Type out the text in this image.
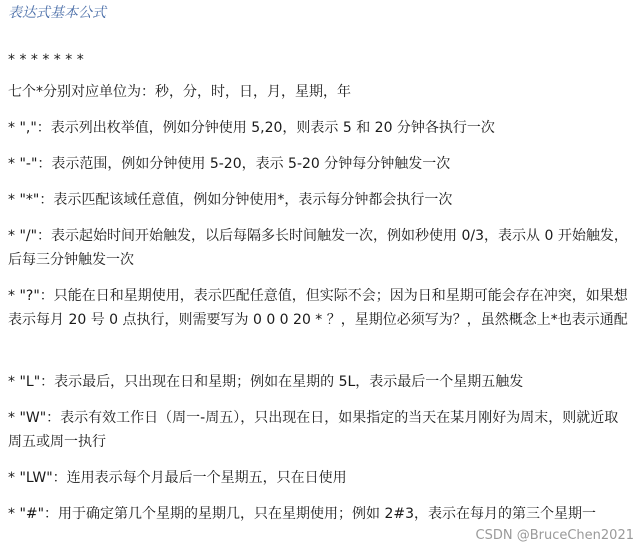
表达式基本公式

* * * * * * *

七个*分别对应单位为：秒，分，时，日，月，星期，年

* ","：表示列出枚举值，例如分钟使用 5,20，则表示 5 和 20 分钟各执行一次

* "-"：表示范围，例如分钟使用 5-20，表示 5-20 分钟每分钟触发一次

* "*"：表示匹配该域任意值，例如分钟使用*，表示每分钟都会执行一次

* "/"：表示起始时间开始触发，以后每隔多长时间触发一次，例如秒使用 0/3，表示从 0 开始触发，后每三分钟触发一次

* "?"：只能在日和星期使用，表示匹配任意值，但实际不会；因为日和星期可能会存在冲突，如果想表示每月 20 号 0 点执行，则需要写为 0 0 0 20 * ？，星期位必须写为？，虽然概念上*也表示通配

* "L"：表示最后，只出现在日和星期；例如在星期的 5L，表示最后一个星期五触发

* "W"：表示有效工作日（周一-周五），只出现在日，如果指定的当天在某月刚好为周末，则就近取周五或周一执行

* "LW"：连用表示每个月最后一个星期五，只在日使用

* "#"：用于确定第几个星期的星期几，只在星期使用；例如 2#3，表示在每月的第三个星期一

CSDN @BruceChen2021
